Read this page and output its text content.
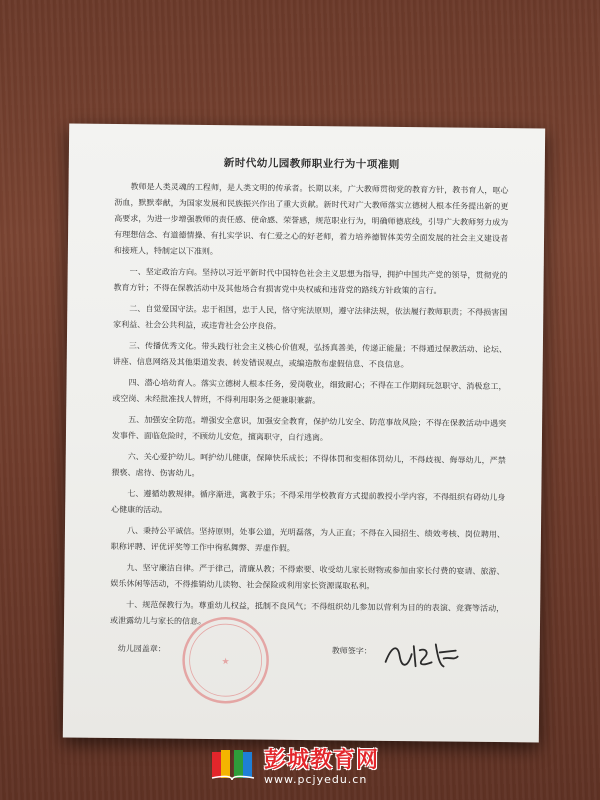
新时代幼儿园教师职业行为十项准则

教师是人类灵魂的工程师，是人类文明的传承者。长期以来，广大教师贯彻党的教育方针，教书育人，呕心沥血，默默奉献，为国家发展和民族振兴作出了重大贡献。新时代对广大教师落实立德树人根本任务提出新的更高要求，为进一步增强教师的责任感、使命感、荣誉感，规范职业行为，明确师德底线，引导广大教师努力成为有理想信念、有道德情操、有扎实学识、有仁爱之心的好老师，着力培养德智体美劳全面发展的社会主义建设者和接班人，特制定以下准则。

一、坚定政治方向。坚持以习近平新时代中国特色社会主义思想为指导，拥护中国共产党的领导，贯彻党的教育方针；不得在保教活动中及其他场合有损害党中央权威和违背党的路线方针政策的言行。

二、自觉爱国守法。忠于祖国，忠于人民，恪守宪法原则，遵守法律法规，依法履行教师职责；不得损害国家利益、社会公共利益，或违背社会公序良俗。

三、传播优秀文化。带头践行社会主义核心价值观，弘扬真善美，传递正能量；不得通过保教活动、论坛、讲座、信息网络及其他渠道发表、转发错误观点，或编造散布虚假信息、不良信息。

四、潜心培幼育人。落实立德树人根本任务，爱岗敬业，细致耐心；不得在工作期间玩忽职守、消极怠工，或空岗、未经批准找人替班，不得利用职务之便兼职兼薪。

五、加强安全防范。增强安全意识，加强安全教育，保护幼儿安全、防范事故风险；不得在保教活动中遇突发事件、面临危险时，不顾幼儿安危，擅离职守，自行逃离。

六、关心爱护幼儿。呵护幼儿健康，保障快乐成长；不得体罚和变相体罚幼儿，不得歧视、侮辱幼儿，严禁猥亵、虐待、伤害幼儿。

七、遵循幼教规律。循序渐进，寓教于乐；不得采用学校教育方式提前教授小学内容，不得组织有碍幼儿身心健康的活动。

八、秉持公平诚信。坚持原则，处事公道，光明磊落，为人正直；不得在入园招生、绩效考核、岗位聘用、职称评聘、评优评奖等工作中徇私舞弊、弄虚作假。

九、坚守廉洁自律。严于律己，清廉从教；不得索要、收受幼儿家长财物或参加由家长付费的宴请、旅游、娱乐休闲等活动，不得推销幼儿读物、社会保险或利用家长资源谋取私利。

十、规范保教行为。尊重幼儿权益，抵制不良风气；不得组织幼儿参加以营利为目的的表演、竞赛等活动，或泄露幼儿与家长的信息。

★
幼儿园盖章：	教师签字：
彭城教育网
www.pcjyedu.cn
